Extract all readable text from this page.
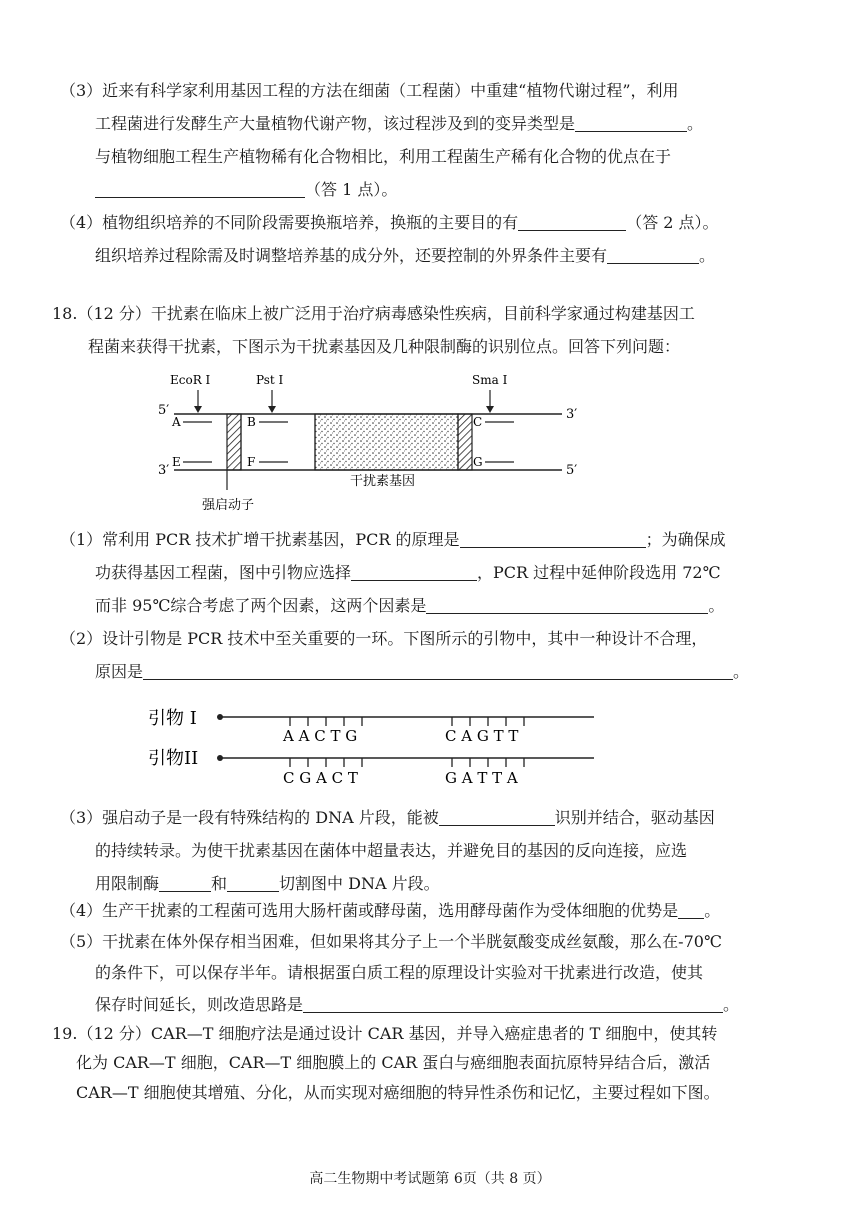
（3）近来有科学家利用基因工程的方法在细菌（工程菌）中重建“植物代谢过程”，利用
工程菌进行发酵生产大量植物代谢产物，该过程涉及到的变异类型是	。
与植物细胞工程生产植物稀有化合物相比，利用工程菌生产稀有化合物的优点在于
（答 1 点）。
（4）植物组织培养的不同阶段需要换瓶培养，换瓶的主要目的有	（答 2 点）。
组织培养过程除需及时调整培养基的成分外，还要控制的外界条件主要有	。
18.（12 分）干扰素在临床上被广泛用于治疗病毒感染性疾病，目前科学家通过构建基因工
程菌来获得干扰素，下图示为干扰素基因及几种限制酶的识别位点。回答下列问题：
EcoR I	Pst I	Sma I
5′	3′
3′	5′
A
E
B
F
C
G
干扰素基因
强启动子
（1）常利用 PCR 技术扩增干扰素基因，PCR 的原理是	；为确保成
功获得基因工程菌，图中引物应选择	，PCR 过程中延伸阶段选用 72℃
而非 95℃综合考虑了两个因素，这两个因素是	。
（2）设计引物是 PCR 技术中至关重要的一环。下图所示的引物中，其中一种设计不合理，
原因是	。
引物 I
A A C T G	C A G T T
引物II
C G A C T	G A T T A
（3）强启动子是一段有特殊结构的 DNA 片段，能被	识别并结合，驱动基因
的持续转录。为使干扰素基因在菌体中超量表达，并避免目的基因的反向连接，应选
用限制酶	和	切割图中 DNA 片段。
（4）生产干扰素的工程菌可选用大肠杆菌或酵母菌，选用酵母菌作为受体细胞的优势是 。
（5）干扰素在体外保存相当困难，但如果将其分子上一个半胱氨酸变成丝氨酸，那么在-70℃
的条件下，可以保存半年。请根据蛋白质工程的原理设计实验对干扰素进行改造，使其
保存时间延长，则改造思路是	。
19.（12 分）CAR—T 细胞疗法是通过设计 CAR 基因，并导入癌症患者的 T 细胞中，使其转
化为 CAR—T 细胞，CAR—T 细胞膜上的 CAR 蛋白与癌细胞表面抗原特异结合后，激活
CAR—T 细胞使其增殖、分化，从而实现对癌细胞的特异性杀伤和记忆，主要过程如下图。
高二生物期中考试题第 6页（共 8 页）
